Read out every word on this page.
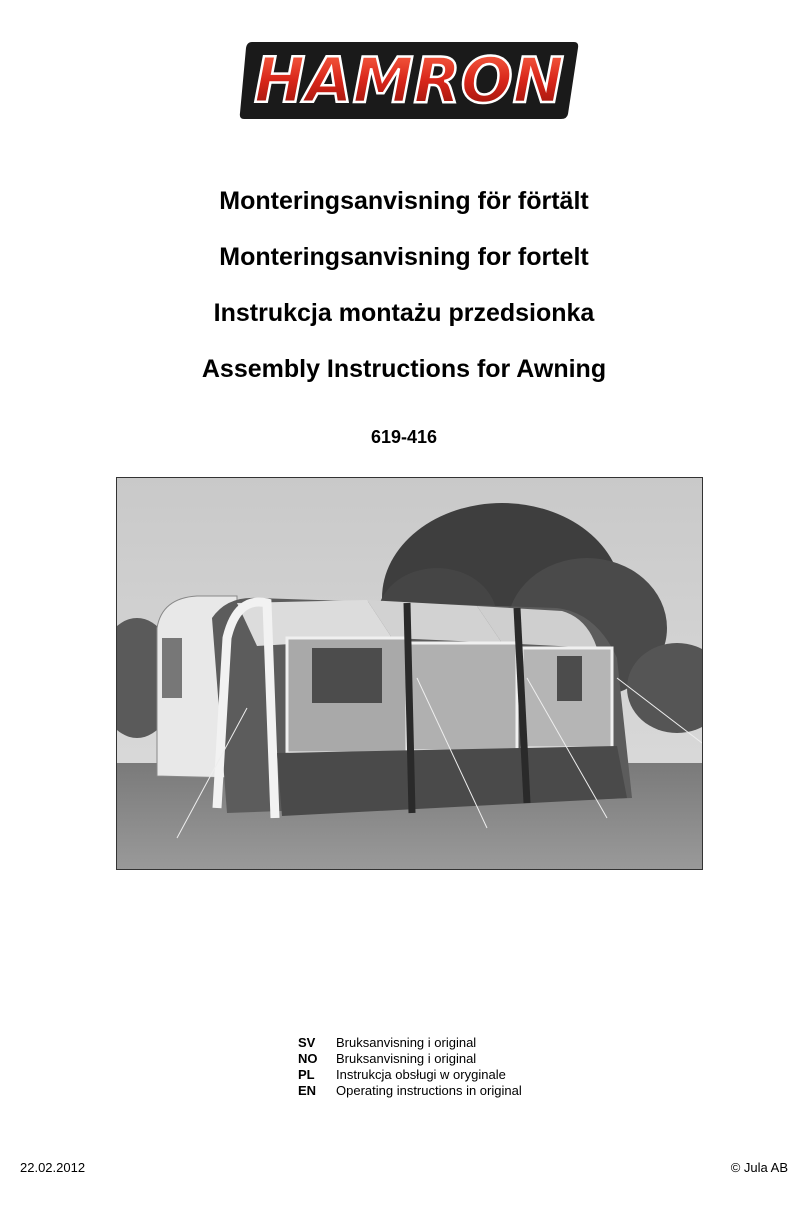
HAMRON
Monteringsanvisning för förtält
Monteringsanvisning for fortelt
Instrukcja montażu przedsionka
Assembly Instructions for Awning
619-416
SV	Bruksanvisning i original
NO	Bruksanvisning i original
PL	Instrukcja obsługi w oryginale
EN	Operating instructions in original
22.02.2012	© Jula AB
